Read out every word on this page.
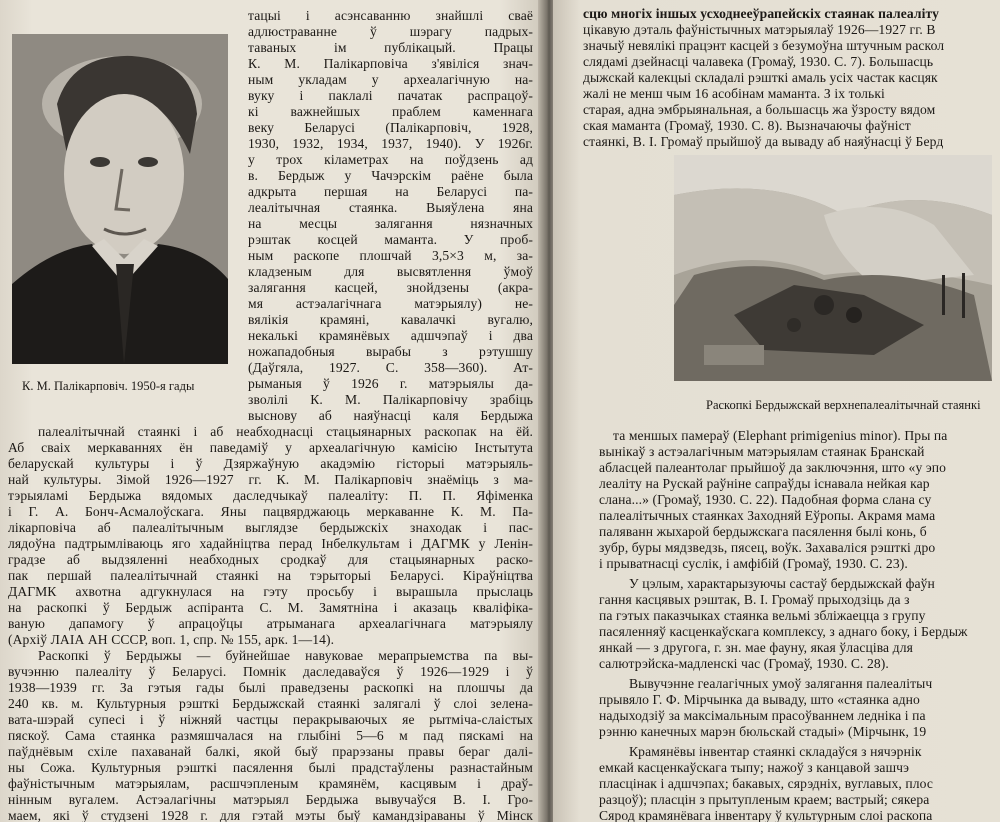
К. М. Палікарповіч. 1950-я гады
тацыі і асэнсаванню знайшлі сваё
адлюстраванне ў шэрагу падрых-
таваных ім публікацый. Працы
К. М. Палікарповіча з'явіліся знач-
ным укладам у археалагічную на-
вуку і паклалі пачатак распрацоў-
кі важнейшых праблем каменнага
веку Беларусі (Палікарповіч, 1928,
1930, 1932, 1934, 1937, 1940). У 1926г.
у трох кіламетрах на поўдзень ад
в. Бердыж у Чачэрскім раёне была
адкрыта першая на Беларусі па-
леалітычная стаянка. Выяўлена яна
на месцы залягання нязначных
рэштак косцей маманта. У проб-
ным раскопе плошчай 3,5×3 м, за-
кладзеным для высвятлення ўмоў
залягання касцей, знойдзены (акра-
мя астэалагічнага матэрыялу) не-
вялікія крамяні, кавалачкі вугалю,
некалькі крамянёвых адшчэпаў і два
ножападобныя вырабы з рэтушшу
(Даўгяла, 1927. С. 358—360). Ат-
рыманыя ў 1926 г. матэрыялы да-
зволілі К. М. Палікарповічу зрабіць
выснову аб наяўнасці каля Бердыжа
палеалітычнай стаянкі і аб неабходнасці стацыянарных раскопак на ёй.
Аб сваіх меркаваннях ён паведаміў у археалагічную камісію Інстытута
беларускай культуры і ў Дзяржаўную акадэмію гісторыі матэрыяль-
най культуры. Зімой 1926—1927 гг. К. М. Палікарповіч знаёміць з ма-
тэрыяламі Бердыжа вядомых даследчыкаў палеаліту: П. П. Яфіменка
і Г. А. Бонч-Асмалоўскага. Яны пацвярджаюць меркаванне К. М. Па-
лікарповіча аб палеалітычным выглядзе бердыжскіх знаходак і пас-
лядоўна падтрымліваюць яго хадайніцтва перад Інбелкультам і ДАГМК у Ленін-
градзе аб выдзяленні неабходных сродкаў для стацыянарных раско-
пак першай палеалітычнай стаянкі на тэрыторыі Беларусі. Кіраўніцтва
ДАГМК ахвотна адгукнулася на гэту просьбу і вырашыла прыслаць
на раскопкі ў Бердыж аспіранта С. М. Замятніна і аказаць кваліфіка-
ваную дапамогу ў апрацоўцы атрыманага археалагічнага матэрыялу
(Архіў ЛАІА АН СССР, воп. 1, спр. № 155, арк. 1—14).
Раскопкі ў Бердыжы — буйнейшае навуковае мерапрыемства па вы-
вучэнню палеаліту ў Беларусі. Помнік даследаваўся ў 1926—1929 і ў
1938—1939 гг. За гэтыя гады былі праведзены раскопкі на плошчы да
240 кв. м. Культурныя рэшткі Бердыжскай стаянкі залягалі ў слоі зелена-
вата-шэрай супесі і ў ніжняй частцы перакрываючых яе рытміча-слаістых
пяскоў. Сама стаянка размяшчалася на глыбіні 5—6 м пад пяскамі на
паўднёвым схіле пахаванай балкі, якой быў прарэзаны правы бераг далі-
ны Сожа. Культурныя рэшткі пасялення былі прадстаўлены разнастайным
фаўністычным матэрыялам, расшчэпленым крамянём, касцявым і драў-
нінным вугалем. Астэалагічны матэрыял Бердыжа вывучаўся В. І. Гро-
маем, які ў студзені 1928 г. для гэтай мэты быў камандзіраваны ў Мінск
сцю многіх іншых усходнееўрапейскіх стаянак палеаліту
цікавую дэталь фаўністычных матэрыялаў 1926—1927 гг. В
значыў невялікі працэнт касцей з безумоўна штучным раскол
слядамі дзейнасці чалавека (Громаў, 1930. С. 7). Большасць
дыжскай калекцыі складалі рэшткі амаль усіх частак касцяк
жалі не менш чым 16 асобінам маманта. З іх толькі
старая, адна эмбрыянальная, а большасць жа ўзросту вядом
ская маманта (Громаў, 1930. С. 8). Вызначаючы фаўніст
стаянкі, В. І. Громаў прыйшоў да вываду аб наяўнасці ў Берд
Раскопкі Бердыжскай верхнепалеалітычнай стаянкі
та меншых памераў (Elephant primigenius minor). Пры па
вынікаў з астэалагічным матэрыялам стаянак Бранскай
абласцей палеантолаг прыйшоў да заключэння, што «у эпо
леаліту на Рускай раўніне сапраўды існавала нейкая кар
слана...» (Громаў, 1930. С. 22). Падобная форма слана су
палеалітычных стаянках Заходняй Еўропы. Акрамя мама
паляванн жыхарой бердыжскага пасялення былі конь, б
зубр, буры мядзведзь, пясец, воўк. Захаваліся рэшткі дро
і прыватнасці суслік, і амфібій (Громаў, 1930. С. 23).
У цэлым, характарызуючы састаў бердыжскай фаўн
гання касцявых рэштак, В. І. Громаў прыходзіць да з
па гэтых паказчыках стаянка вельмі збліжаецца з групу
пасяленняў касценкаўскага комплексу, з аднаго боку, і Бердыж
янкай — з другога, г. зн. мае фауну, якая ўласціва для
салютрэйска-мадленскі час (Громаў, 1930. С. 28).
Вывучэнне геалагічных умоў залягання палеалітыч
прывяло Г. Ф. Мірчынка да вываду, што «стаянка адно
надыходзіў за максімальным прасоўваннем ледніка і па
рэнню канечных марэн бюльскай стадыі» (Мірчынк, 19
Крамянёвы інвентар стаянкі складаўся з нячэрнік
емкай касценкаўскага тыпу; нажоў з канцавой зашчэ
пласцінак і адшчэпах; бакавых, сярэдніх, вуглавых, плос
разцоў); пласцін з прытупленым краем; вастрый; сякера
Сярод крамянёвага інвентару ў культурным слоі раскопа
